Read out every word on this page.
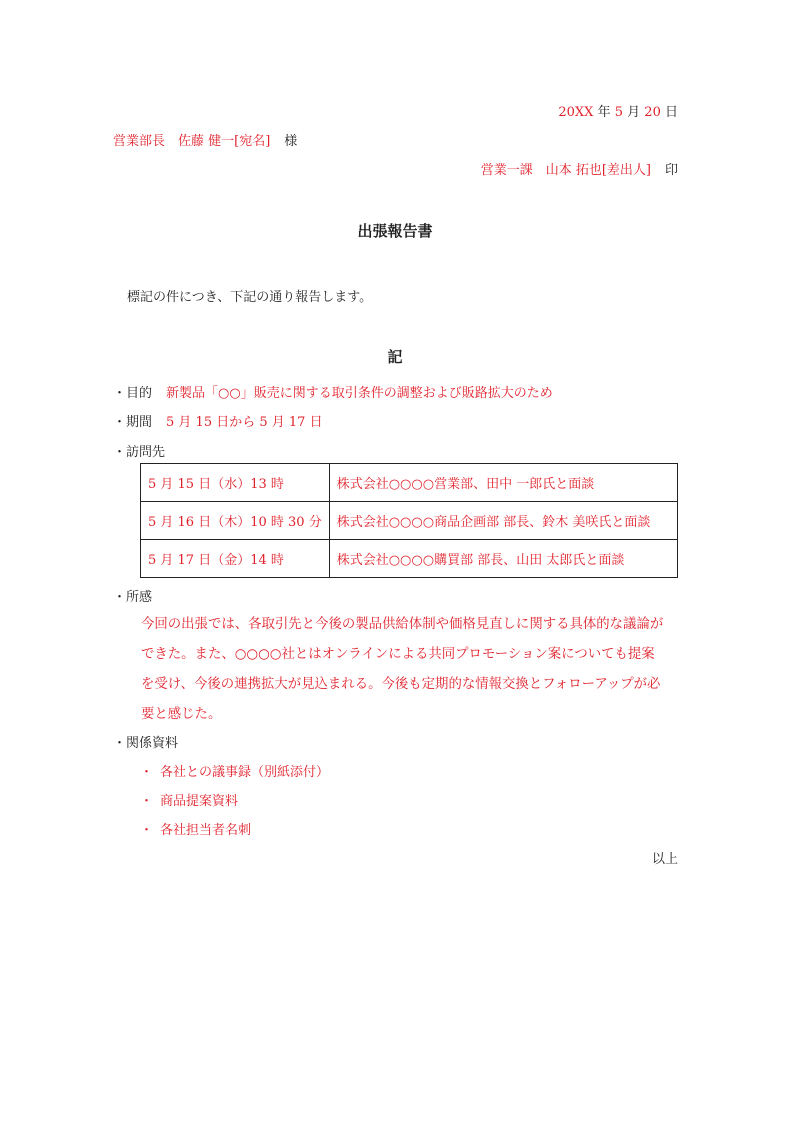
20XX 年 5 月 20 日
営業部長　佐藤 健一[宛名] 様
営業一課　山本 拓也[差出人] 印
出張報告書
標記の件につき、下記の通り報告します。
記
・目的 新製品「○○」販売に関する取引条件の調整および販路拡大のため
・期間 5 月 15 日から 5 月 17 日
・訪問先
5 月 15 日（水）13 時	株式会社○○○○営業部、田中 一郎氏と面談
5 月 16 日（木）10 時 30 分	株式会社○○○○商品企画部 部長、鈴木 美咲氏と面談
5 月 17 日（金）14 時	株式会社○○○○購買部 部長、山田 太郎氏と面談
・所感

今回の出張では、各取引先と今後の製品供給体制や価格見直しに関する具体的な議論が

できた。また、○○○○社とはオンラインによる共同プロモーション案についても提案

を受け、今後の連携拡大が見込まれる。今後も定期的な情報交換とフォローアップが必

要と感じた。

・関係資料
・ 各社との議事録（別紙添付）
・ 商品提案資料
・ 各社担当者名刺
以上
